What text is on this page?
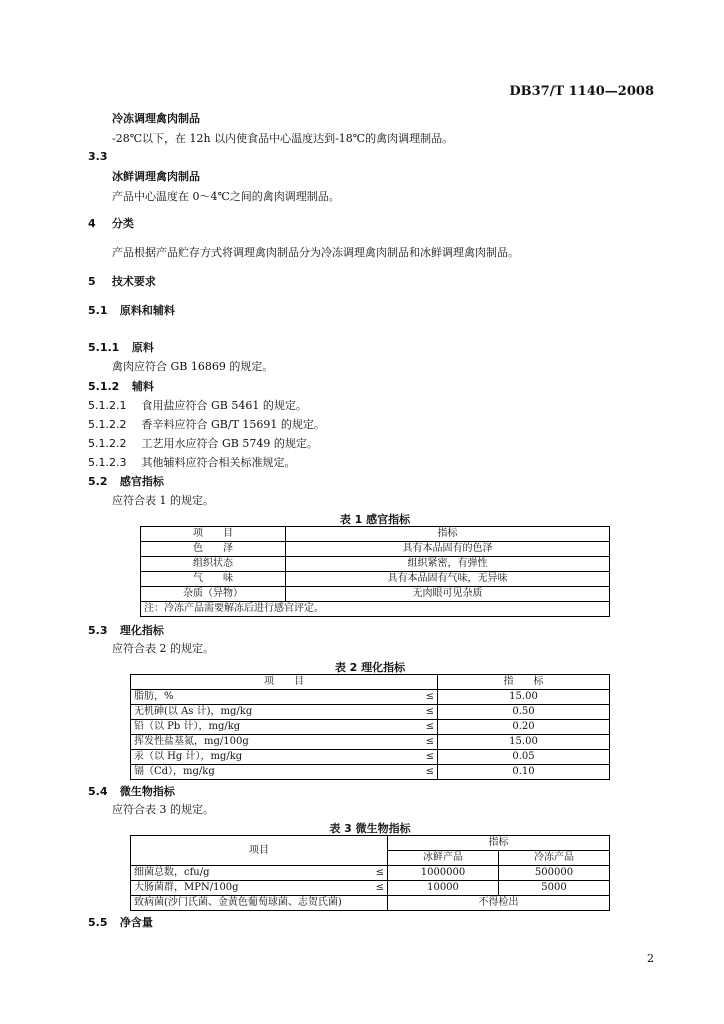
DB37/T 1140—2008
冷冻调理禽肉制品
-28℃以下，在 12h 以内使食品中心温度达到-18℃的禽肉调理制品。
3.3
冰鲜调理禽肉制品
产品中心温度在 0～4℃之间的禽肉调理制品。
4 分类
产品根据产品贮存方式将调理禽肉制品分为冷冻调理禽肉制品和冰鲜调理禽肉制品。
5 技术要求
5.1 原料和辅料
5.1.1 原料
禽肉应符合 GB 16869 的规定。
5.1.2 辅料
5.1.2.1 食用盐应符合 GB 5461 的规定。
5.1.2.2 香辛料应符合 GB/T 15691 的规定。
5.1.2.2 工艺用水应符合 GB 5749 的规定。
5.1.2.3 其他辅料应符合相关标准规定。
5.2 感官指标
应符合表 1 的规定。
表 1 感官指标
项　　目	指标
色　　泽	具有本品固有的色泽
组织状态	组织紧密，有弹性
气　　味	具有本品固有气味，无异味
杂质（异物）	无肉眼可见杂质
注：冷冻产品需要解冻后进行感官评定。	
5.3 理化指标
应符合表 2 的规定。
表 2 理化指标
项　　目		指　　标
脂肪，%	≤	15.00
无机砷(以 As 计)，mg/kg	≤	0.50
铅（以 Pb 计），mg/kg	≤	0.20
挥发性盐基氮，mg/100g	≤	15.00
汞（以 Hg 计），mg/kg	≤	0.05
镉（Cd），mg/kg	≤	0.10
5.4 微生物指标
应符合表 3 的规定。
表 3 微生物指标
项目		指标	
		冰鲜产品	冷冻产品
细菌总数，cfu/g	≤	1000000	500000
大肠菌群，MPN/100g	≤	10000	5000
致病菌(沙门氏菌、金黄色葡萄球菌、志贺氏菌)		不得检出	
5.5 净含量
2
